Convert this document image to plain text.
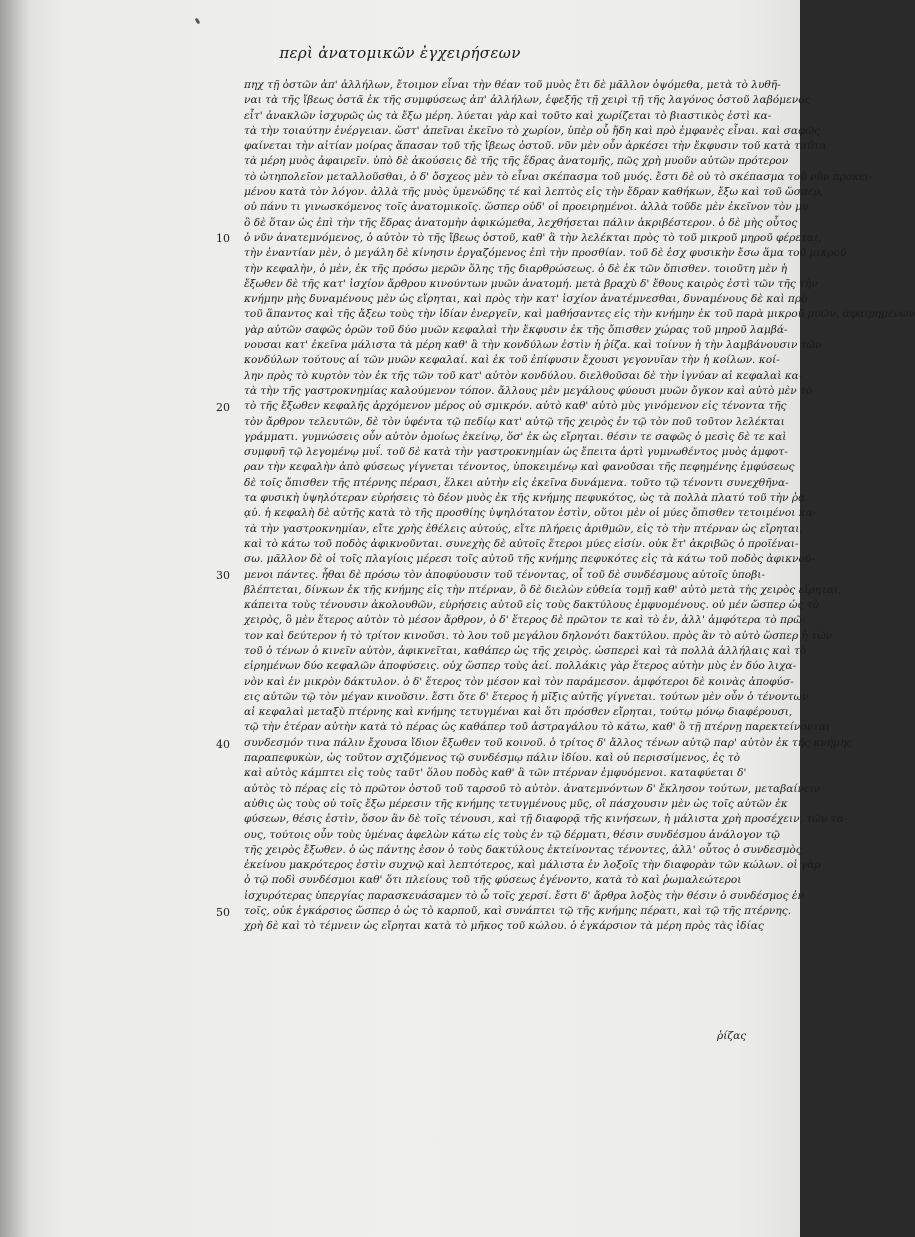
περὶ ἀνατομικῶν ἐγχειρήσεων
10
20
30
40
50
πηχ τῇ ὀστῶν ἀπ' ἀλλήλων, ἔτοιμον εἶναι τὴν θέαν τοῦ μυὸς ἔτι δὲ μᾶλλον ὀψόμεθα, μετὰ τὸ λυθῆ-
ναι τὰ τῆς ἴβεως ὀστᾶ ἐκ τῆς συμφύσεως ἀπ' ἀλλήλων, ἐφεξῆς τῇ χειρὶ τῇ τῆς λαγόνος ὁστοῦ λαβόμενος
εἶτ' ἀνακλῶν ἰσχυρῶς ὡς τὰ ἔξω μέρη. λύεται γὰρ καὶ τοῦτο καὶ χωρίζεται τὸ βιαστικὸς ἐστὶ κα-
τὰ τὴν τοιαύτην ἐνέργειαν. ὥστ' ἀπεῖναι ἐκεῖνο τὸ χωρίον, ὑπὲρ οὗ ἤδη καὶ πρὸ ἐμφανὲς εἶναι. καὶ σαφῶς
φαίνεται τὴν αἰτίαν μοίρας ἅπασαν τοῦ τῆς ἴβεως ὀστοῦ. νῦν μὲν οὖν ἀρκέσει τὴν ἔκφυσιν τοῦ κατὰ ταῦτα
τὰ μέρη μυὸς ἀφαιρεῖν. ὑπὸ δὲ ἀκούσεις δὲ τῆς τῆς ἕδρας ἀνατομῆς, πῶς χρὴ μυοῦν αὐτῶν πρότερον
τὸ ὠτηπολεῖον μεταλλοῦσθαι, ὁ δ' ὄσχεος μὲν τὸ εἶναι σκέπασμα τοῦ μυός. ἔστι δὲ οὐ τὸ σκέπασμα τοῦ νῦν προκει-
μένου κατὰ τὸν λόγον. ἀλλὰ τῆς μυὸς ὑμενώδης τέ καὶ λεπτὸς εἰς τὴν ἕδραν καθήκων, ἔξω καὶ τοῦ ὥσπερ,
οὐ πάνυ τι γινωσκόμενος τοῖς ἀνατομικοῖς. ὥσπερ οὐδ' οἱ προειρημένοι. ἀλλὰ τοῦδε μὲν ἐκεῖνον τὸν μυ
ὃ δὲ ὅταν ὡς ἐπὶ τὴν τῆς ἕδρας ἀνατομὴν ἀφικώμεθα, λεχθήσεται πάλιν ἀκριβέστερον. ὁ δὲ μὴς οὗτος
ὁ νῦν ἀνατεμνόμενος, ὁ αὐτὸν τὸ τῆς ἴβεως ὀστοῦ, καθ' ἃ τὴν λελέκται πρὸς τὸ τοῦ μικροῦ μηροῦ φέρεται,
τὴν ἐναντίαν μὲν, ὁ μεγάλη δὲ κίνησιν ἐργαζόμενος ἐπὶ τὴν προσθίαν. τοῦ δὲ ἐσχ φυσικὴν ἔσω ἅμα τοῦ μικροῦ
τὴν κεφαλὴν, ὁ μὲν, ἐκ τῆς πρόσω μερῶν ὅλης τῆς διαρθρώσεως. ὁ δὲ ἐκ τῶν ὄπισθεν. τοιοῦτη μὲν ἡ
ἔξωθεν δὲ τῆς κατ' ἰσχίον ἄρθρου κινούντων μυῶν ἀνατομή. μετὰ βραχὺ δ' ἔθους καιρὸς ἐστὶ τῶν τῆς τὴν
κνήμην μὴς δυναμένους μὲν ὡς εἴρηται, καὶ πρὸς τὴν κατ' ἰσχίον ἀνατέμνεσθαι, δυναμένους δὲ καὶ πρὸ
τοῦ ἅπαντος καὶ τῆς ἄξεω τοὺς τὴν ἰδίαν ἐνεργεῖν, καὶ μαθήσαντες εἰς τὴν κνήμην ἐκ τοῦ παρὰ μικροῦ μυῶν. ἀφαιρημένων
γὰρ αὐτῶν σαφῶς ὁρῶν τοῦ δύο μυῶν κεφαλαὶ τὴν ἔκφυσιν ἐκ τῆς ὄπισθεν χώρας τοῦ μηροῦ λαμβά-
νουσαι κατ' ἐκεῖνα μάλιστα τὰ μέρη καθ' ἃ τὴν κονδύλων ἐστὶν ἡ ῥίζα. καὶ τοίνυν ἡ τὴν λαμβάνουσιν τῶν
κονδύλων τούτους αἱ τῶν μυῶν κεφαλαί. καὶ ἐκ τοῦ ἐπίφυσιν ἔχουσι γεγονυῖαν τὴν ἡ κοίλων. κοί-
λην πρὸς τὸ κυρτὸν τὸν ἐκ τῆς τῶν τοῦ κατ' αὐτὸν κονδύλου. διελθοῦσαι δὲ τὴν ἰγνύαν αἱ κεφαλαὶ κα-
τὰ τὴν τῆς γαστροκνημίας καλούμενον τόπον. ἄλλους μὲν μεγάλους φύουσι μυῶν ὄγκον καὶ αὐτὸ μὲν τὸ
τὸ τῆς ἔξωθεν κεφαλῆς ἀρχόμενον μέρος οὐ σμικρόν. αὐτὸ καθ' αὐτὸ μὺς γινόμενον εἰς τένοντα τῆς
τὸν ἄρθρον τελευτῶν, δὲ τὸν ὑφέντα τῷ πεδίῳ κατ' αὐτῷ τῆς χειρὸς ἐν τῷ τὸν ποῦ τοῦτον λελέκται
γράμματι. γυμνώσεις οὖν αὐτὸν ὁμοίως ἐκείνῳ, ὅσ' ἐκ ὡς εἴρηται. θέσιν τε σαφῶς ὁ μεσὶς δὲ τε καὶ
συμφυῆ τῷ λεγομένῳ μυΐ. τοῦ δὲ κατὰ τὴν γαστροκνημίαν ὡς ἔπειτα ἀρτὶ γυμνωθέντος μυὸς ἀμφοτ-
ραν τὴν κεφαλὴν ἀπὸ φύσεως γίγνεται τένοντος, ὑποκειμένῳ καὶ φανοῦσαι τῆς πεφημένης ἐμφύσεως
δὲ τοῖς ὄπισθεν τῆς πτέρνης πέρασι, ἕλκει αὐτὴν εἰς ἐκεῖνα δυνάμενα. τοῦτο τῷ τένοντι συνεχθῆνα-
τα φυσικὴ ὑψηλότεραν εὑρήσεις τὸ δέον μυὸς ἐκ τῆς κνήμης πεφυκότος, ὡς τὰ πολλὰ πλατύ τοῦ τὴν ῥᾳ
ᾳὐ. ἡ κεφαλὴ δὲ αὐτῆς κατὰ τὸ τῆς προσθίης ὑψηλότατον ἐστὶν, οὕτοι μὲν οἱ μύες ὄπισθεν τετοιμένοι κα-
τὰ τὴν γαστροκνημίαν, εἴτε χρὴς ἐθέλεις αὐτούς, εἴτε πλήρεις ἀριθμῶν, εἰς τὸ τὴν πτέρναν ὡς εἴρηται,
καὶ τὸ κάτω τοῦ ποδὸς ἀφικνοῦνται. συνεχὴς δὲ αὐτοῖς ἕτεροι μύες εἰσίν. οὐκ ἔτ' ἀκριβῶς ὁ προϊέναι-
σω. μᾶλλον δὲ οἱ τοῖς πλαγίοις μέρεσι τοῖς αὐτοῦ τῆς κνήμης πεφυκότες εἰς τὰ κάτω τοῦ ποδὸς ἀφικνού-
μενοι πάντες. ἦθαι δὲ πρόσω τὸν ἀποφύουσιν τοῦ τένοντας, οἷ τοῦ δὲ συνδέσμους αὐτοῖς ὑποβι-
βλέπτεται, δίνκων ἐκ τῆς κνήμης εἰς τὴν πτέρναν, ὃ δὲ διελὼν εὐθεία τομῇ καθ' αὐτὸ μετὰ τὴς χειρὸς εἴρηται,
κάπειτα τοὺς τένουσιν ἀκολουθῶν, εὑρήσεις αὐτοῦ εἰς τοὺς δακτύλους ἐμφυομένους. οὐ μέν ὥσπερ ὡς τὸ
χειρὸς, ὃ μὲν ἕτερος αὐτὸν τὸ μέσον ἄρθρον, ὁ δ' ἕτερος δὲ πρῶτον τε καὶ τὸ ἑν, ἀλλ' ἀμφότερα τὸ πρῶ-
τον καὶ δεύτερον ἡ τὸ τρίτον κινοῦσι. τὸ λου τοῦ μεγάλου δηλονότι δακτύλου. πρὸς ἂν τὸ αὐτὸ ὥσπερ ἡ τῶν
τοῦ ὁ τένων ὁ κινεῖν αὐτὸν, ἀφικνεῖται, καθάπερ ὡς τῆς χειρὸς. ὡσπερεὶ καὶ τὰ πολλὰ ἀλλήλαις καὶ τὸ
εἰρημένων δύο κεφαλῶν ἀποφύσεις. οὐχ ὥσπερ τοὺς ἀεί. πολλάκις γὰρ ἕτερος αὐτὴν μὺς ἐν δύο λιχα-
νὸν καὶ ἐν μικρὸν δάκτυλον. ὁ δ' ἕτερος τὸν μέσον καὶ τὸν παράμεσον. ἀμφότεροι δὲ κοινὰς ἀποφύσ-
εις αὐτῶν τῷ τὸν μέγαν κινοῦσιν. ἔστι ὅτε δ' ἕτερος ἡ μῖξις αὐτῆς γίγνεται. τούτων μὲν οὖν ὁ τένοντων
αἱ κεφαλαὶ μεταξὺ πτέρνης καὶ κνήμης τετυγμέναι καὶ ὅτι πρόσθεν εἴρηται, τούτῳ μόνῳ διαφέρουσι,
τῷ τὴν ἑτέραν αὐτὴν κατὰ τὸ πέρας ὡς καθάπερ τοῦ ἀστραγάλου τὸ κάτω, καθ' ὃ τῇ πτέρνῃ παρεκτείνονται
συνδεσμόν τινα πάλιν ἔχουσα ἴδιον ἔξωθεν τοῦ κοινοῦ. ὁ τρίτος δ' ἄλλος τένων αὐτῷ παρ' αὐτὸν ἐκ τῆς κνήμης
παραπεφυκὼν, ὡς τοῦτον σχιζόμενος τῷ συνδέσμῳ πάλιν ἰδίου. καὶ οὐ περισσίμενος, ἐς τὸ
καὶ αὐτὸς κάμπτει εἰς τοὺς ταῦτ' ὅλου ποδὸς καθ' ἃ τῶν πτέρναν ἐμφυόμενοι. καταφύεται δ'
αὐτὸς τὸ πέρας εἰς τὸ πρῶτον ὀστοῦ τοῦ ταρσοῦ τὸ αὐτὸν. ἀνατεμνόντων δ' ἔκλησον τούτων, μεταβαίνειν
αὐθις ὡς τοὺς οὐ τοῖς ἔξω μέρεσιν τῆς κνήμης τετυγμένους μῦς, οἳ πάσχουσιν μὲν ὡς τοῖς αὐτῶν ἐκ
φύσεων, θέσις ἐστὶν, ὅσον ἂν δὲ τοῖς τένουσι, καὶ τῇ διαφορᾷ τῆς κινήσεων, ἡ μάλιστα χρὴ προσέχειν, τῶν τα-
ους, τούτοις οὖν τοὺς ὑμένας ἀφελὼν κάτω εἰς τοὺς ἐν τῷ δέρματι, θέσιν συνδέσμου ἀνάλογον τῷ
τῆς χειρὸς ἔξωθεν. ὁ ὡς πάντης ἐσον ὁ τοὺς δακτύλους ἐκτείνοντας τένοντες, ἀλλ' οὗτος ὁ συνδεσμὸς
ἐκείνου μακρότερος ἐστὶν συχνῷ καὶ λεπτότερος, καὶ μάλιστα ἐν λοξοῖς τὴν διαφορὰν τῶν κώλων. οἱ γὰρ
ὁ τῷ ποδὶ συνδέσμοι καθ' ὅτι πλείους τοῦ τῆς φύσεως ἐγένοντο, κατὰ τὸ καὶ ῥωμαλεώτεροι
ἰσχυρότερας ὑπεργίας παρασκευάσαμεν τὸ ὧ τοῖς χερσί. ἔστι δ' ἄρθρα λοξὸς τὴν θέσιν ὁ συνδέσμος ἐν
τοῖς, οὐκ ἐγκάρσιος ὥσπερ ὁ ὡς τὸ καρποῦ, καὶ συνάπτει τῷ τῆς κνήμης πέρατι, καὶ τῷ τῆς πτέρνης.
χρὴ δὲ καὶ τὸ τέμνειν ὡς εἴρηται κατὰ τὸ μῆκος τοῦ κώλου. ὁ ἐγκάρσιον τὰ μέρη πρὸς τὰς ἰδίας
ῥίζας
